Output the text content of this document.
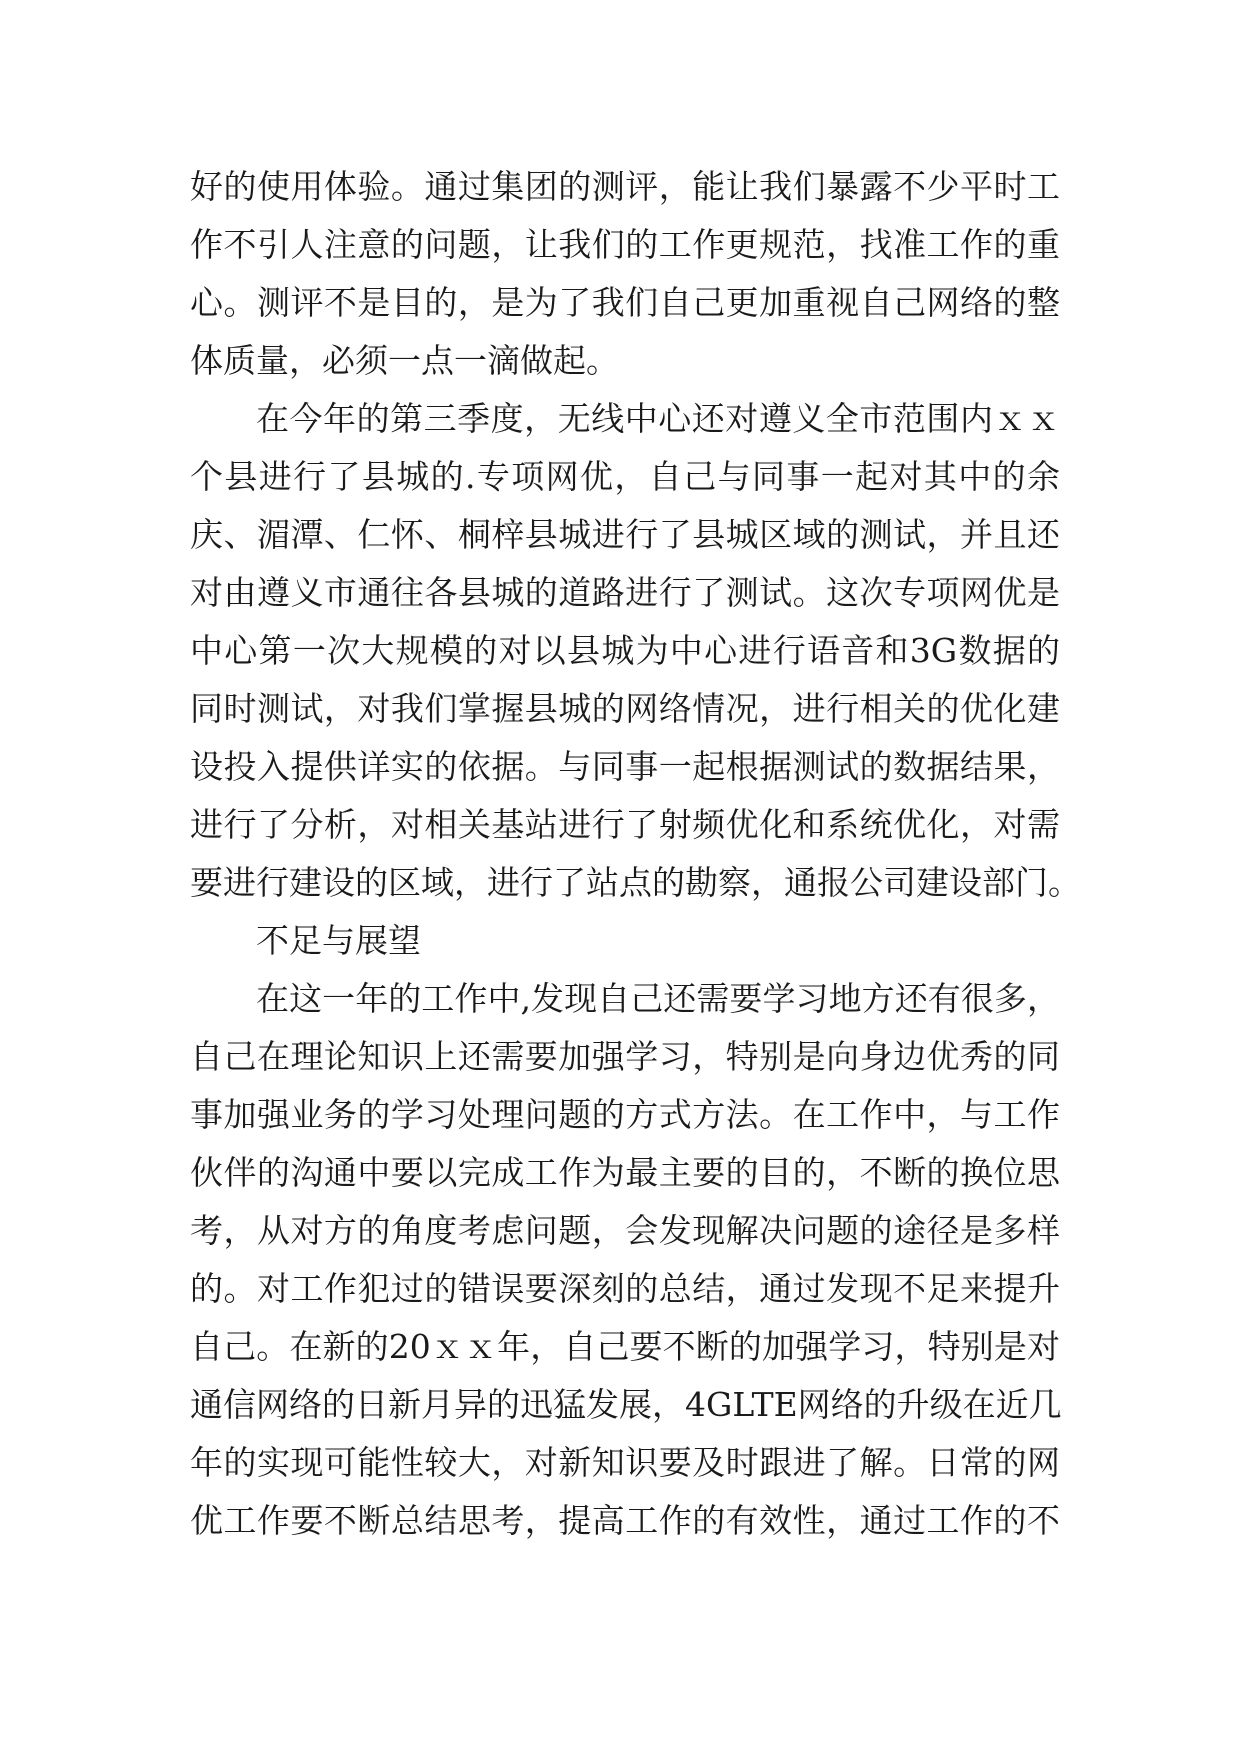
好的使用体验。通过集团的测评，能让我们暴露不少平时工
作不引人注意的问题，让我们的工作更规范，找准工作的重
心。测评不是目的，是为了我们自己更加重视自己网络的整
体质量，必须一点一滴做起。
在今年的第三季度，无线中心还对遵义全市范围内ｘｘ
个县进行了县城的.专项网优，自己与同事一起对其中的余
庆、湄潭、仁怀、桐梓县城进行了县城区域的测试，并且还
对由遵义市通往各县城的道路进行了测试。这次专项网优是
中心第一次大规模的对以县城为中心进行语音和3G数据的
同时测试，对我们掌握县城的网络情况，进行相关的优化建
设投入提供详实的依据。与同事一起根据测试的数据结果，
进行了分析，对相关基站进行了射频优化和系统优化，对需
要进行建设的区域，进行了站点的勘察，通报公司建设部门。
不足与展望
在这一年的工作中,发现自己还需要学习地方还有很多，
自己在理论知识上还需要加强学习，特别是向身边优秀的同
事加强业务的学习处理问题的方式方法。在工作中，与工作
伙伴的沟通中要以完成工作为最主要的目的，不断的换位思
考，从对方的角度考虑问题，会发现解决问题的途径是多样
的。对工作犯过的错误要深刻的总结，通过发现不足来提升
自己。在新的20ｘｘ年，自己要不断的加强学习，特别是对
通信网络的日新月异的迅猛发展，4GLTE网络的升级在近几
年的实现可能性较大，对新知识要及时跟进了解。日常的网
优工作要不断总结思考，提高工作的有效性，通过工作的不
